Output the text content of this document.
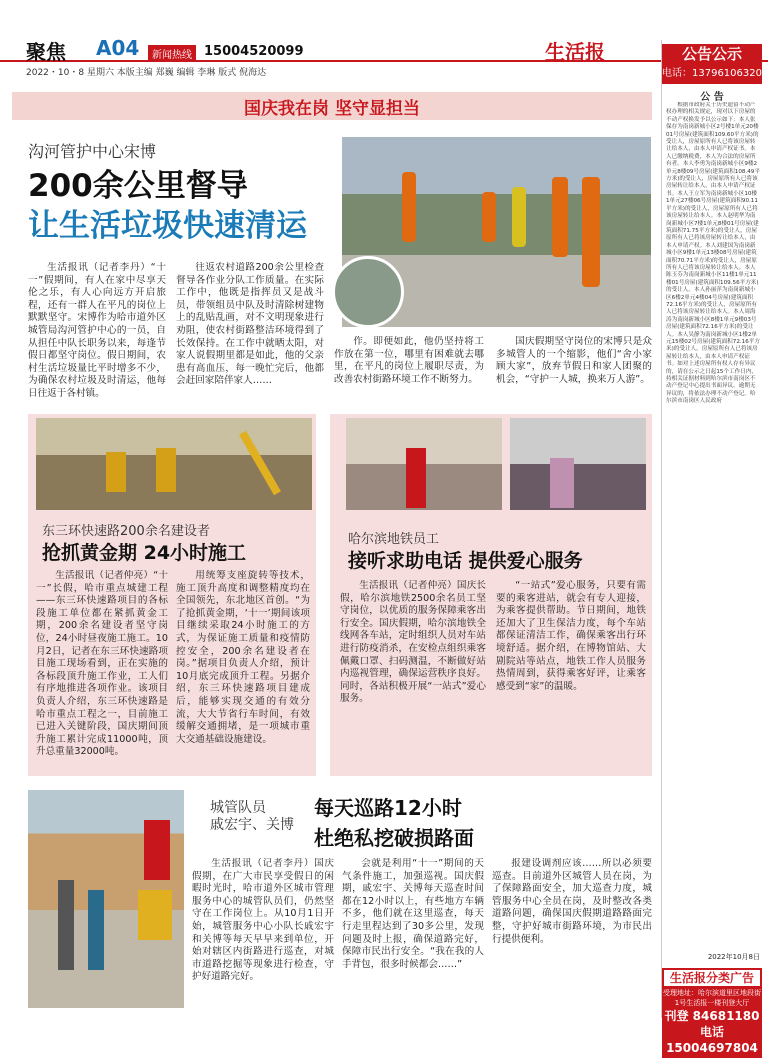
聚焦 A04	新闻热线 15004520099	生活报
2022・10・8 星期六 本版主编 郑巍 编辑 李琳 版式 倪海达
公告公示
电话：13796106320
公 告
根据市政府关于历史遗留不动产权办理的相关规定，现对以下房屋的不动产权换发予以公示如下：本人张保存为南岗新城小区2号楼1单元20楼01号房屋(建筑面积109.60平方米)的受让人，房屋原所有人已将该房屋转让给本人，由本人申请产权证书。本人已缴纳税费，本人为合法的房屋所有者。本人李勇为南岗新城小区9楼2单元8楼09号房屋(建筑面积108.49平方米)的受让人，房屋原所有人已将该房屋转让给本人，由本人申请产权证书。本人王立军为南岗新城小区10楼1单元27楼06号房屋(建筑面积90.11平方米)的受让人，房屋原所有人已将该房屋转让给本人。本人赵明华为南岗新城小区7楼1单元8楼01号房屋(建筑面积71.75平方米)的受让人，房屋原所有人已将该房屋转让给本人，由本人申请产权。本人刘建国为南岗新城小区9楼1单元13楼08号房屋(建筑面积70.71平方米)的受让人，房屋原所有人已将该房屋转让给本人。本人陈玉芬为南岗新城小区11楼1单元11楼01号房屋(建筑面积109.56平方米)的受让人。本人孙丽萍为南岗新城小区6楼2单元4楼04号房屋(建筑面积72.16平方米)的受让人，房屋原所有人已将该房屋转让给本人。本人周海涛为南岗新城小区8楼1单元9楼03号房屋(建筑面积72.16平方米)的受让人。本人吴静为南岗新城小区1楼2单元15楼02号房屋(建筑面积72.16平方米)的受让人，房屋原所有人已将该房屋转让给本人，由本人申请产权证书。如对上述房屋所有权人存有异议的，请在公示之日起15个工作日内，持相关证据材料到哈尔滨市南岗区不动产登记中心提出书面异议。逾期无异议的，将依法办理不动产登记。哈尔滨市南岗区人民政府
2022年10月8日
生活报分类广告
受理地址：哈尔滨道里区地段街1号生活报一楼刊登大厅
刊登 84681180
电话 15004697804
国庆我在岗 坚守显担当
沟河管护中心宋博
200余公里督导
让生活垃圾快速清运
生活报讯（记者李丹）“十一”假期间，有人在家中尽享天伦之乐，有人心向远方开启旅程，还有一群人在平凡的岗位上默默坚守。宋博作为哈市道外区城管局沟河管护中心的一员，自从担任中队长职务以来，每逢节假日都坚守岗位。假日期间，农村生活垃圾量比平时增多不少，为确保农村垃圾及时清运，他每日往返于各村镇。
往返农村道路200余公里检查督导各作业分队工作质量。在实际工作中，他既是指挥员又是战斗员，带领组员中队及时清除树建物上的乱贴乱画，对不文明现象进行劝阻，使农村街路整洁环境得到了长效保持。在工作中就晒太阳，对家人说假期里都是如此，他的父亲患有高血压，每一晚忙完后，他都会赶回家陪伴家人……
作。即便如此，他仍坚持将工作放在第一位，哪里有困难就去哪里，在平凡的岗位上履职尽责，为改善农村街路环境工作不断努力。
国庆假期坚守岗位的宋博只是众多城管人的一个缩影，他们“舍小家顾大家”，放弃节假日和家人团聚的机会，“守护一人城，换来万人游”。
东三环快速路200余名建设者
抢抓黄金期 24小时施工
生活报讯（记者仲亮）“十一”长假，哈市重点城建工程——东三环快速路项目的各标段施工单位都在紧抓黄金工期，200余名建设者坚守岗位，24小时昼夜施工施工。10月2日，记者在东三环快速路项目施工现场看到，正在实施的各标段顶升施工作业，工人们有序地推进各项作业。该项目负责人介绍，东三环快速路是哈市重点工程之一，目前施工已进入关键阶段，国庆期间顶升施工累计完成11000吨，顶升总重量32000吨。
用统筹支座旋转等技术，施工顶升高度和调整精度均在全国领先，东北地区首创。“为了抢抓黄金期，‘十一’期间该项目继续采取24小时施工的方式，为保证施工质量和疫情防控安全，200余名建设者在岗。”据项目负责人介绍，预计10月底完成顶升工程。另据介绍，东三环快速路项目建成后，能够实现交通的有效分流，大大节省行车时间，有效缓解交通拥堵，是一项城市重大交通基础设施建设。
哈尔滨地铁员工
接听求助电话 提供爱心服务
生活报讯（记者仲亮）国庆长假，哈尔滨地铁2500余名员工坚守岗位，以优质的服务保障乘客出行安全。国庆假期，哈尔滨地铁全线网各车站，定时组织人员对车站进行防疫消杀，在安检点组织乘客佩戴口罩、扫码测温，不断做好站内巡视管理，确保运营秩序良好。同时，各站积极开展“一站式”爱心服务。
“一站式”爱心服务，只要有需要的乘客进站，就会有专人迎接，为乘客提供帮助。节日期间，地铁还加大了卫生保洁力度，每个车站都保证清洁工作，确保乘客出行环境舒适。据介绍，在博物馆站、大剧院站等站点，地铁工作人员服务热情周到，获得乘客好评，让乘客感受到“家”的温暖。
城管队员
戚宏宇、关博
每天巡路12小时
杜绝私挖破损路面
生活报讯（记者李丹）国庆假期，在广大市民享受假日的闲暇时光时，哈市道外区城市管理服务中心的城管队员们，仍然坚守在工作岗位上。从10月1日开始，城管服务中心小队长戚宏宇和关博等每天早早来到单位，开始对辖区内街路进行巡查，对城市道路挖掘等现象进行检查，守护好道路完好。
会就是利用“十一”期间的天气条件施工，加强巡视。国庆假期，戚宏宇、关博每天巡查时间都在12小时以上，有些地方车辆不多，他们就在这里巡查，每天行走里程达到了30多公里，发现问题及时上报，确保道路完好，保障市民出行安全。“我在我的人手背包，很多时候都会……”
报建设调剂应该……所以必须要巡查。目前道外区城管人员在岗，为了保障路面安全，加大巡查力度，城管服务中心全员在岗，及时整改各类道路问题，确保国庆假期道路路面完整，守护好城市街路环境，为市民出行提供便利。
